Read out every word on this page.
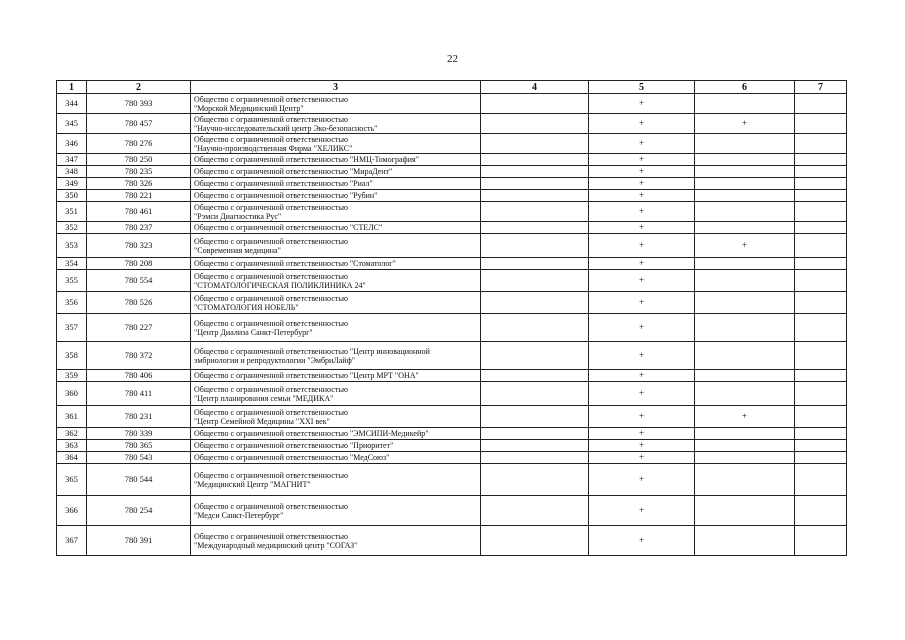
22
1	2	3	4	5	6	7
344	780 393	Общество с ограниченной ответственностью
"Морской Медицинский Центр"		+		
345	780 457	Общество с ограниченной ответственностью
"Научно-исследовательский центр Эко-безопасность"		+	+	
346	780 276	Общество с ограниченной ответственностью
"Научно-производственная Фирма "ХЕЛИКС"		+		
347	780 250	Общество с ограниченной ответственностью "НМЦ-Томография"		+		
348	780 235	Общество с ограниченной ответственностью "МираДент"		+		
349	780 326	Общество с ограниченной ответственностью "Риал"		+		
350	780 221	Общество с ограниченной ответственностью "Рубин"		+		
351	780 461	Общество с ограниченной ответственностью
"Рэмси Диагностика Рус"		+		
352	780 237	Общество с ограниченной ответственностью "СТЕЛС"		+		
353	780 323	Общество с ограниченной ответственностью
"Современная медицина"		+	+	
354	780 208	Общество с ограниченной ответственностью "Стоматолог"		+		
355	780 554	Общество с ограниченной ответственностью
"СТОМАТОЛОГИЧЕСКАЯ ПОЛИКЛИНИКА 24"		+		
356	780 526	Общество с ограниченной ответственностью
"СТОМАТОЛОГИЯ НОБЕЛЬ"		+		
357	780 227	Общество с ограниченной ответственностью
"Центр Диализа Санкт-Петербург"		+		
358	780 372	Общество с ограниченной ответственностью "Центр инновационной
эмбриологии и репродуктологии "ЭмбриЛайф"		+		
359	780 406	Общество с ограниченной ответственностью "Центр МРТ "ОНА"		+		
360	780 411	Общество с ограниченной ответственностью
"Центр планирования семьи "МЕДИКА"		+		
361	780 231	Общество с ограниченной ответственностью
"Центр Семейной Медицины "XXI век"		+	+	
362	780 339	Общество с ограниченной ответственностью "ЭМСИПИ-Медикейр"		+		
363	780 365	Общество с ограниченной ответственностью "Приоритет"		+		
364	780 543	Общество с ограниченной ответственностью "МедСоюз"		+		
365	780 544	Общество с ограниченной ответственностью
"Медицинский Центр "МАГНИТ"		+		
366	780 254	Общество с ограниченной ответственностью
"Медси Санкт-Петербург"		+		
367	780 391	Общество с ограниченной ответственностью
"Международный медицинский центр "СОГАЗ"		+		
